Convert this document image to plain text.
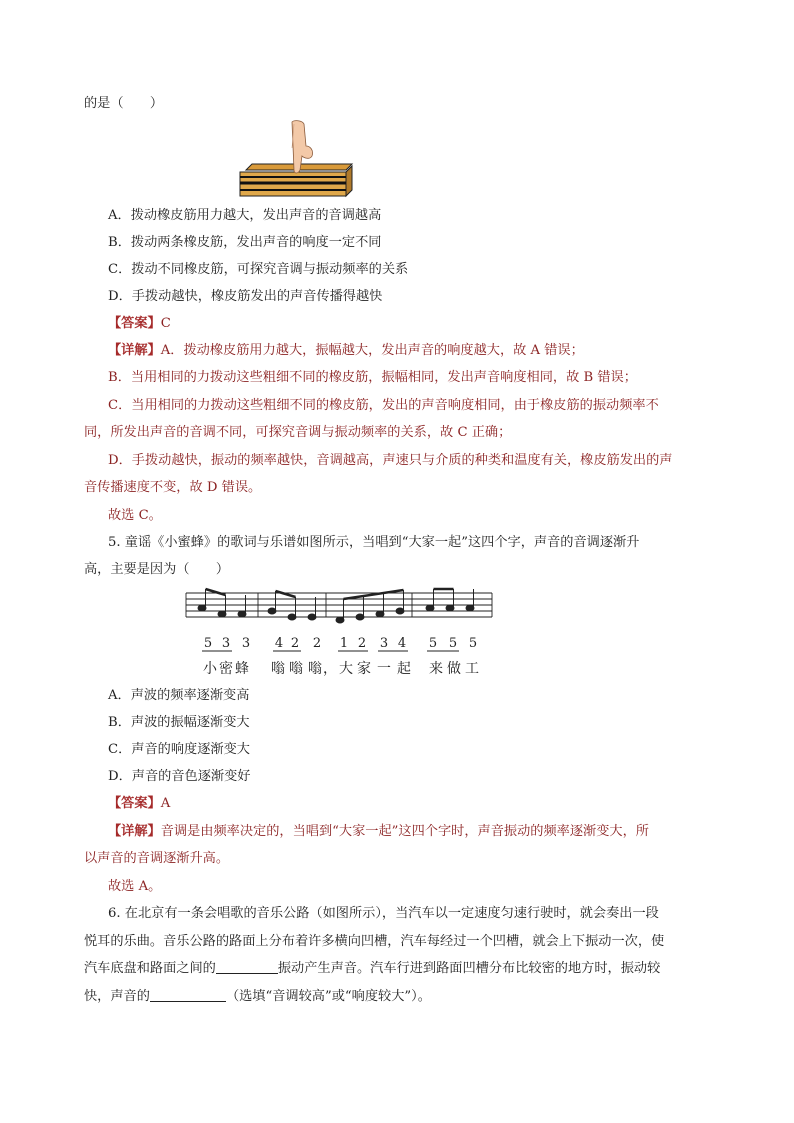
的是（　　）
A．拨动橡皮筋用力越大，发出声音的音调越高
B．拨动两条橡皮筋，发出声音的响度一定不同
C．拨动不同橡皮筋，可探究音调与振动频率的关系
D．手拨动越快，橡皮筋发出的声音传播得越快
【答案】C
【详解】A．拨动橡皮筋用力越大，振幅越大，发出声音的响度越大，故 A 错误；
B．当用相同的力拨动这些粗细不同的橡皮筋，振幅相同，发出声音响度相同，故 B 错误；
C．当用相同的力拨动这些粗细不同的橡皮筋，发出的声音响度相同，由于橡皮筋的振动频率不
同，所发出声音的音调不同，可探究音调与振动频率的关系，故 C 正确；
D．手拨动越快，振动的频率越快，音调越高，声速只与介质的种类和温度有关，橡皮筋发出的声
音传播速度不变，故 D 错误。
故选 C。
5. 童谣《小蜜蜂》的歌词与乐谱如图所示，当唱到“大家一起”这四个字，声音的音调逐渐升
高，主要是因为（　　）
5 3 3 4 2 2 1 2 3 4 5 5 5
小 密 蜂 嗡 嗡 嗡 ， 大 家 一 起 来 做 工
A．声波的频率逐渐变高
B．声波的振幅逐渐变大
C．声音的响度逐渐变大
D．声音的音色逐渐变好
【答案】A
【详解】音调是由频率决定的，当唱到“大家一起”这四个字时，声音振动的频率逐渐变大，所
以声音的音调逐渐升高。
故选 A。
6. 在北京有一条会唱歌的音乐公路（如图所示），当汽车以一定速度匀速行驶时，就会奏出一段
悦耳的乐曲。音乐公路的路面上分布着许多横向凹槽，汽车每经过一个凹槽，就会上下振动一次，使
汽车底盘和路面之间的	振动产生声音。汽车行进到路面凹槽分布比较密的地方时，振动较
快，声音的	（选填“音调较高”或“响度较大”）。
